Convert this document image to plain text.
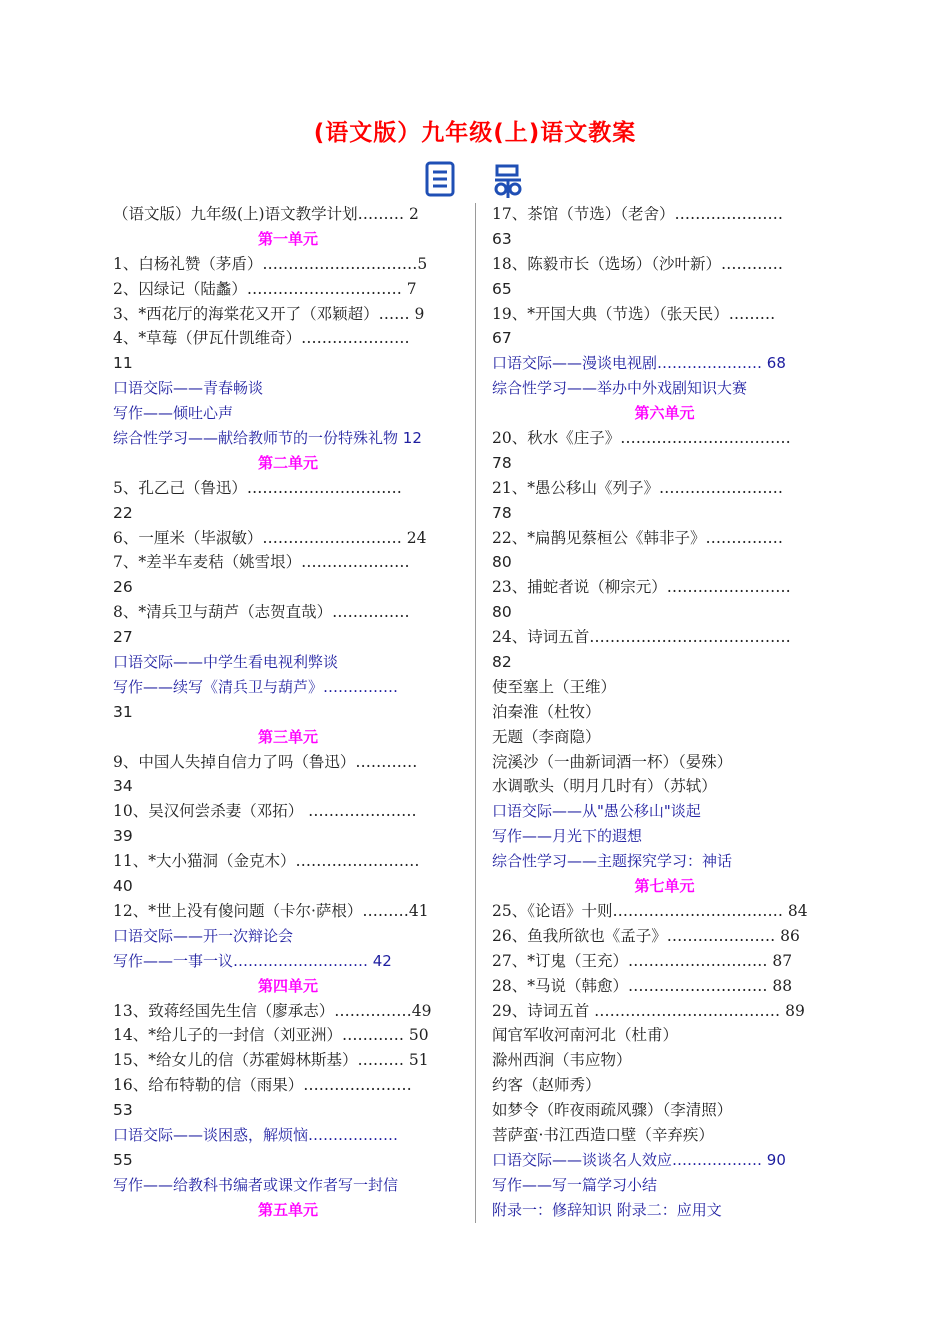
(语文版）九年级(上)语文教案
（语文版）九年级(上)语文教学计划……… 2
第一单元
1、白杨礼赞（茅盾）…………………………5
2、囚绿记（陆蠡）………………………… 7
3、*西花厅的海棠花又开了（邓颖超）…… 9
4、*草莓（伊瓦什凯维奇）…………………
11
口语交际——青春畅谈
写作——倾吐心声
综合性学习——献给教师节的一份特殊礼物 12
第二单元
5、孔乙己（鲁迅）…………………………
22
6、一厘米（毕淑敏）……………………… 24
7、*差半车麦秸（姚雪垠）…………………
26
8、*清兵卫与葫芦（志贺直哉）……………
27
口语交际——中学生看电视利弊谈
写作——续写《清兵卫与葫芦》……………
31
第三单元
9、中国人失掉自信力了吗（鲁迅）…………
34
10、吴汉何尝杀妻（邓拓） …………………
39
11、*大小猫洞（金克木）……………………
40
12、*世上没有傻问题（卡尔·萨根）………41
口语交际——开一次辩论会
写作——一事一议……………………… 42
第四单元
13、致蒋经国先生信（廖承志）……………49
14、*给儿子的一封信（刘亚洲）………… 50
15、*给女儿的信（苏霍姆林斯基）……… 51
16、给布特勒的信（雨果）…………………
53
口语交际——谈困惑，解烦恼………………
55
写作——给教科书编者或课文作者写一封信
第五单元
17、茶馆（节选）（老舍）…………………
63
18、陈毅市长（选场）（沙叶新）…………
65
19、*开国大典（节选）（张天民）………
67
口语交际——漫谈电视剧………………… 68
综合性学习——举办中外戏剧知识大赛
第六单元
20、秋水《庄子》……………………………
78
21、*愚公移山《列子》……………………
78
22、*扁鹊见蔡桓公《韩非子》……………
80
23、捕蛇者说（柳宗元）……………………
80
24、诗词五首…………………………………
82
使至塞上（王维）
泊秦淮（杜牧）
无题（李商隐）
浣溪沙（一曲新词酒一杯）（晏殊）
水调歌头（明月几时有）（苏轼）
口语交际——从"愚公移山"谈起
写作——月光下的遐想
综合性学习——主题探究学习：神话
第七单元
25、《论语》十则…………………………… 84
26、鱼我所欲也《孟子》………………… 86
27、*订鬼（王充）……………………… 87
28、*马说（韩愈）……………………… 88
29、诗词五首 ……………………………… 89
闻官军收河南河北（杜甫）
滁州西涧（韦应物）
约客（赵师秀）
如梦令（昨夜雨疏风骤）（李清照）
菩萨蛮·书江西造口壁（辛弃疾）
口语交际——谈谈名人效应……………… 90
写作——写一篇学习小结
附录一：修辞知识 附录二：应用文
